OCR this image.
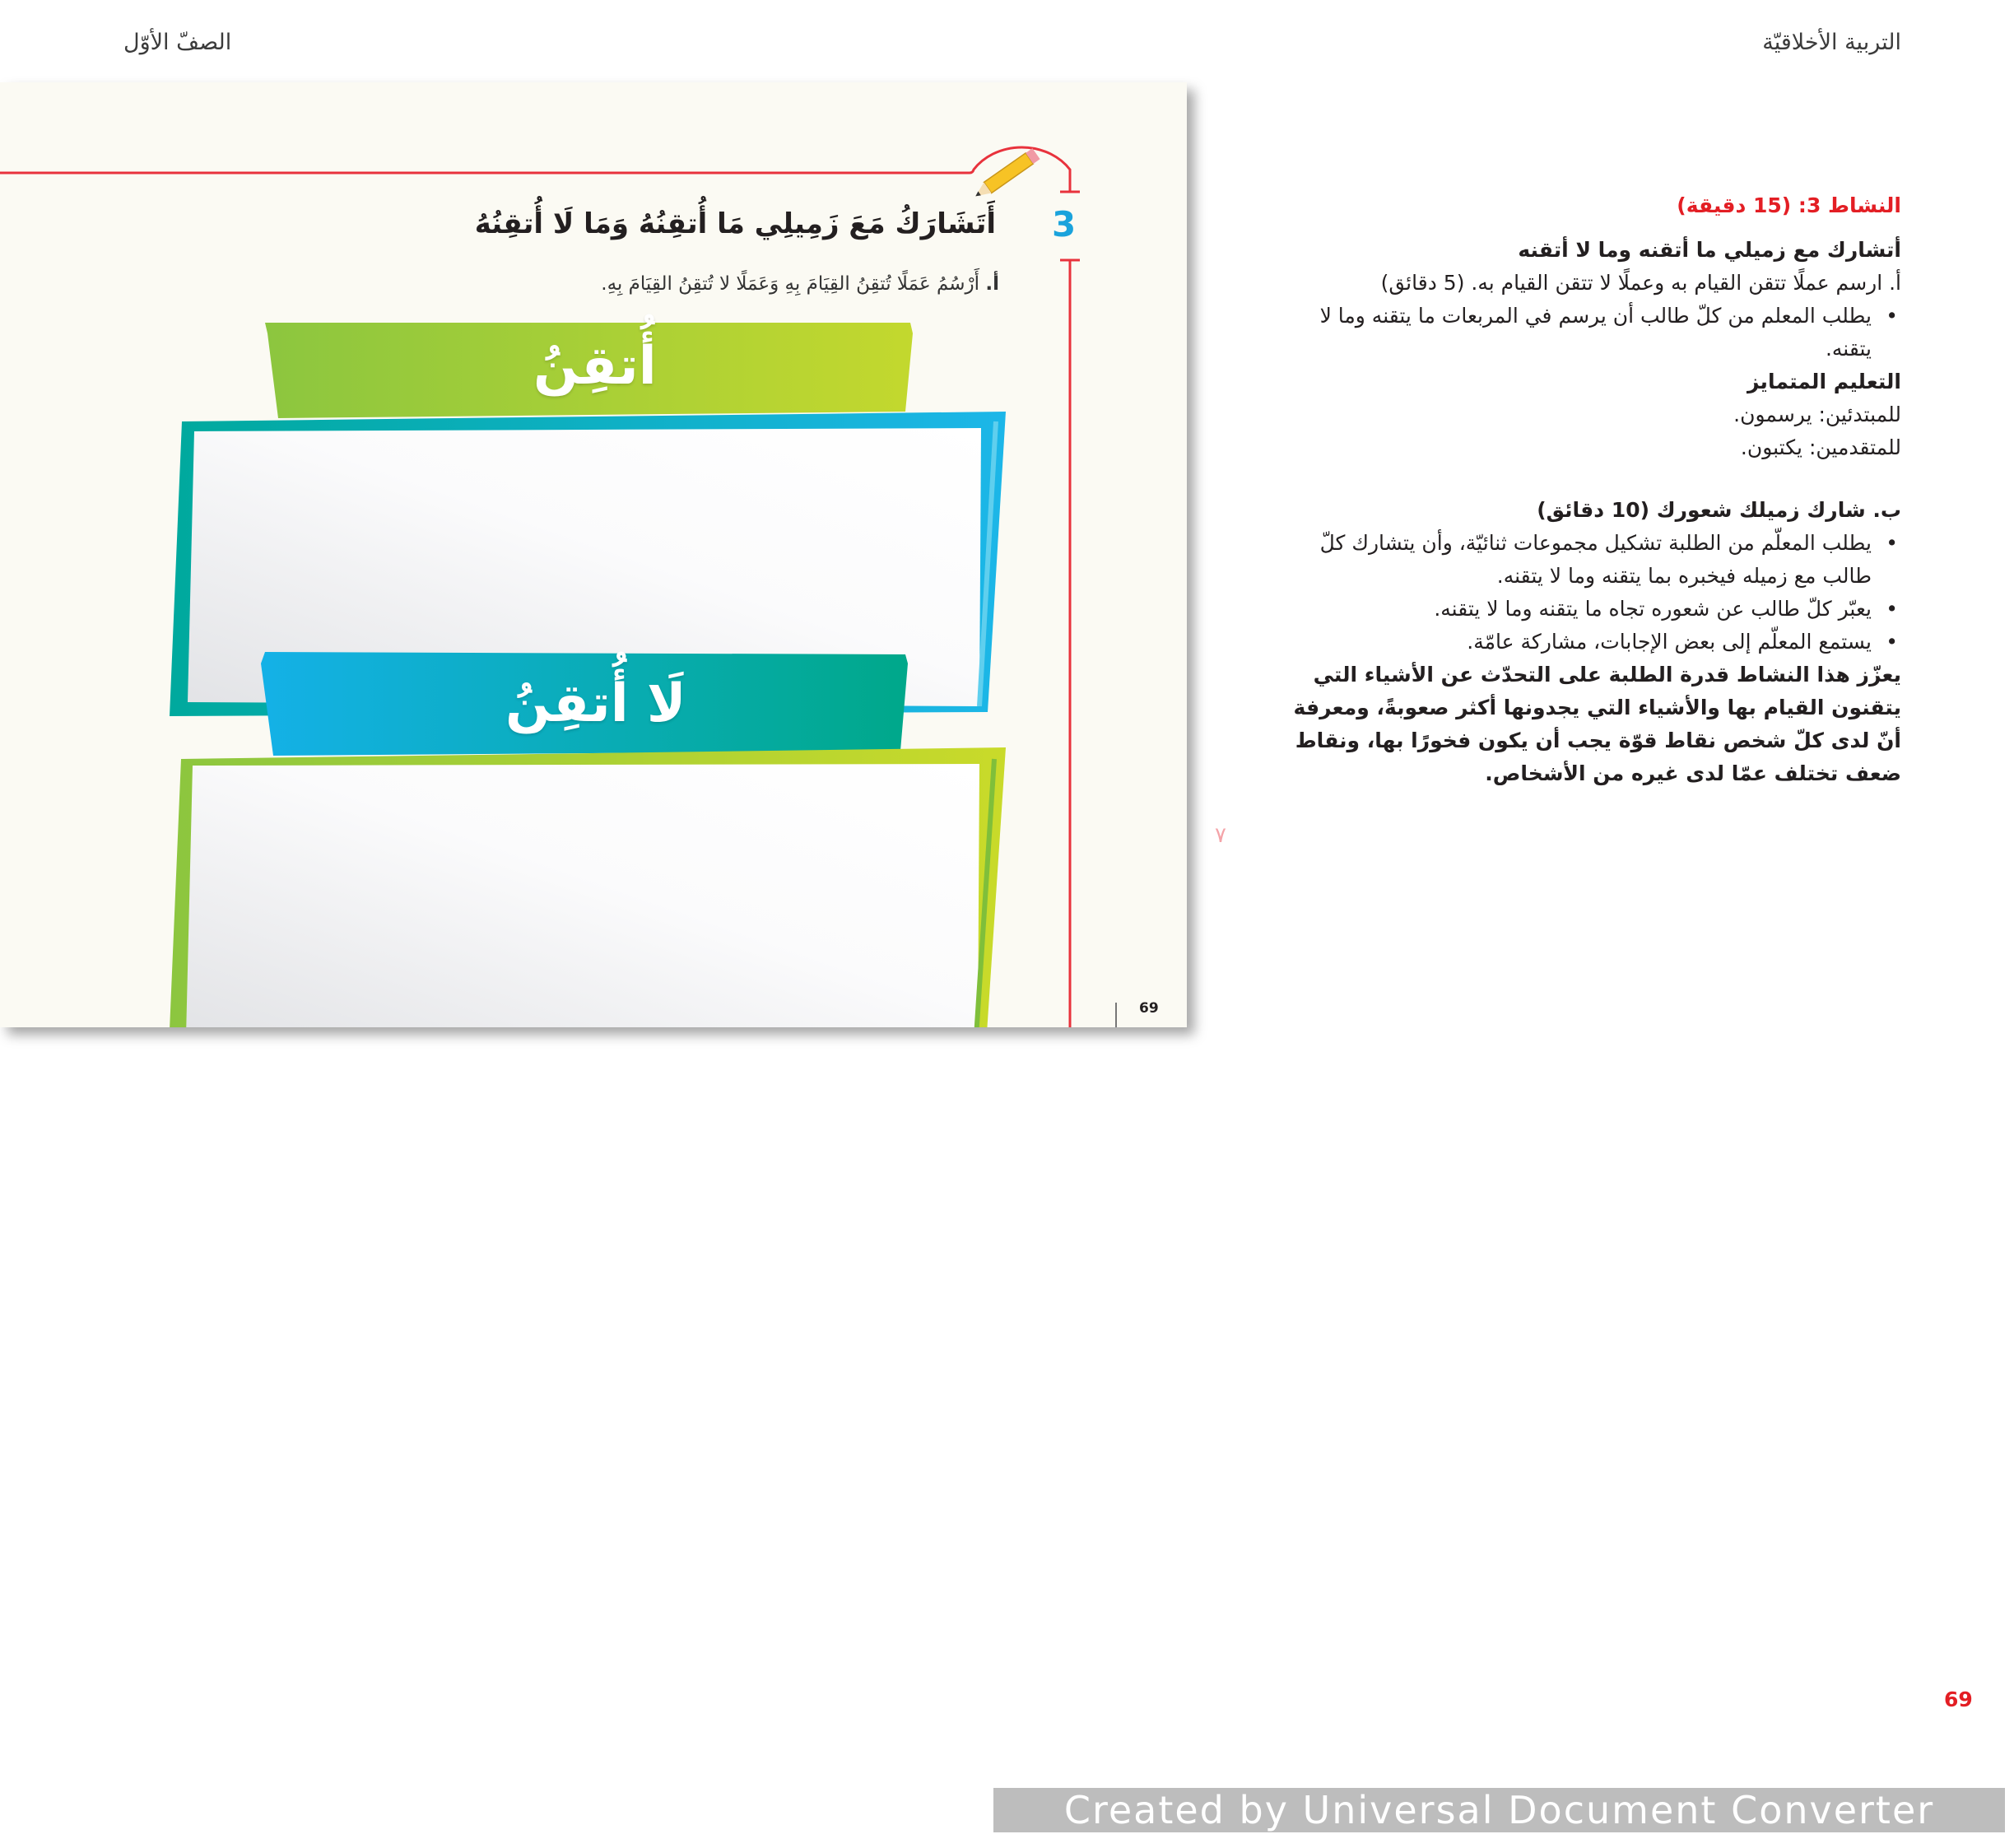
التربية الأخلاقيّة
الصفّ الأوّل
3
أَتَشَارَكُ مَعَ زَمِيلِي مَا أُتقِنُهُ وَمَا لَا أُتقِنُهُ
أ. أَرْسُمُ عَمَلًا تُتقِنُ القِيَامَ بِهِ وَعَمَلًا لا تُتقِنُ القِيَامَ بِهِ.
أُتقِنُ
لَا أُتقِنُ
69
٧

النشاط 3: (15 دقيقة)

أتشارك مع زميلي ما أتقنه وما لا أتقنه

أ. ارسم عملًا تتقن القيام به وعملًا لا تتقن القيام به. (5 دقائق)

• يطلب المعلم من كلّ طالب أن يرسم في المربعات ما يتقنه وما لا يتقنه.

التعليم المتمايز

للمبتدئين: يرسمون.

للمتقدمين: يكتبون.

ب. شارك زميلك شعورك (10 دقائق)

• يطلب المعلّم من الطلبة تشكيل مجموعات ثنائيّة، وأن يتشارك كلّ طالب مع زميله فيخبره بما يتقنه وما لا يتقنه.
• يعبّر كلّ طالب عن شعوره تجاه ما يتقنه وما لا يتقنه.
• يستمع المعلّم إلى بعض الإجابات، مشاركة عامّة.

يعزّز هذا النشاط قدرة الطلبة على التحدّث عن الأشياء التي يتقنون القيام بها والأشياء التي يجدونها أكثر صعوبةً، ومعرفة أنّ لدى كلّ شخص نقاط قوّة يجب أن يكون فخورًا بها، ونقاط ضعف تختلف عمّا لدى غيره من الأشخاص.

69
Created by Universal Document Converter
